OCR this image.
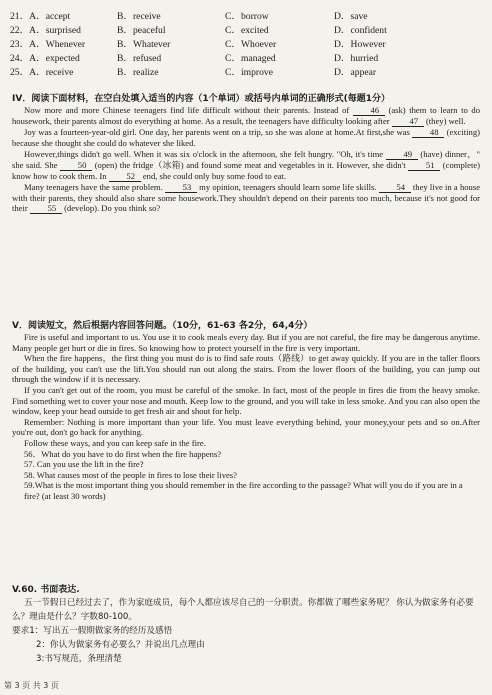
21．A．accept	B．receive	C．borrow	D．save
22．A．surprised	B．peaceful	C．excited	D．confident
23．A．Whenever	B．Whatever	C．Whoever	D．However
24．A．expected	B．refused	C．managed	D．hurried
25．A．receive	B．realize	C．improve	D．appear
IV．阅读下面材料，在空白处填入适当的内容（1个单词）或括号内单词的正确形式(每题1分）

Now more and more Chinese teenagers find life difficult without their parents. Instead of 46 (ask) them to learn to do housework, their parents almost do everything at home. As a result, the teenagers have difficulty looking after 47 (they) well.

Joy was a fourteen-year-old girl. One day, her parents went on a trip, so she was alone at home.At first,she was 48 (exciting) because she thought she could do whatever she liked.

However,things didn't go well. When it was six o'clock in the afternoon, she felt hungry. "Oh, it's time 49 (have) dinner，" she said. She 50 (open) the fridge（冰箱) and found some meat and vegetables in it. However, she didn't 51 (complete) know how to cook them. In 52 end, she could only buy some food to eat.

Many teenagers have the same problem. 53 my opinion, teenagers should learn some life skills. 54 they live in a house with their parents, they should also share some housework.They shouldn't depend on their parents too much, because it's not good for their 55 (develop). Do you think so?

V．阅读短文，然后根据内容回答问题。（10分，61-63 各2分，64,4分）

Fire is useful and important to us. You use it to cook meals every day. But if you are not careful, the fire may be dangerous anytime. Many people get hurt or die in fires. So knowing how to protect yourself in the fire is very important.

When the fire happens，the first thing you must do is to find safe routs（路线）to get away quickly. If you are in the taller floors of the building, you can't use the lift.You should run out along the stairs. From the lower floors of the building, you can jump out through the window if it is necessary.

If you can't get out of the room, you must be careful of the smoke. In fact, most of the people in fires die from the heavy smoke. Find something wet to cover your nose and mouth. Keep low to the ground, and you will take in less smoke. And you can also open the window, keep your head outside to get fresh air and shout for help.

Remember: Nothing is more important than your life. You must leave everything behind, your money,your pets and so on.After you're out, don't go back for anything.

Follow these ways, and you can keep safe in the fire.

56．What do you have to do first when the fire happens?

57. Can you use the lift in the fire?

58. What causes most of the people in fires to lose their lives?

59.What is the most important thing you should remember in the fire according to the passage? What will you do if you are in a fire? (at least 30 words)

V.60. 书面表达.

五一节假日已经过去了，作为家庭成员，每个人都应该尽自己的一分职责。你都做了哪些家务呢？ 你认为做家务有必要么？理由是什么？字数80-100。

要求1：写出五一假期做家务的经历及感悟

2：你认为做家务有必要么？并说出几点理由

3:书写规范，条理清楚

第 3 页 共 3 页
